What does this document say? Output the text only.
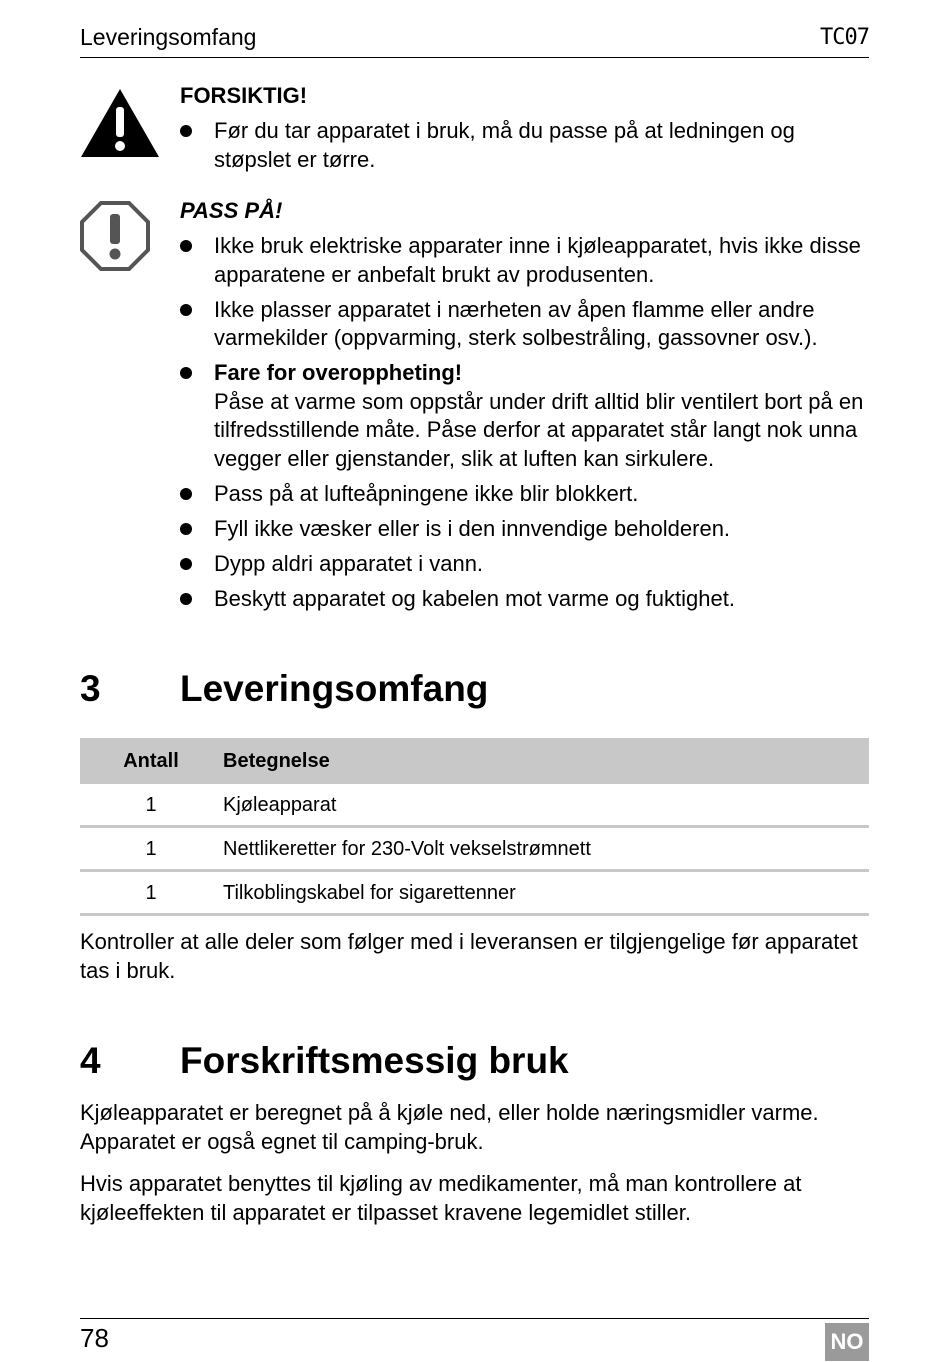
Leveringsomfang	TC07
FORSIKTIG!
Før du tar apparatet i bruk, må du passe på at ledningen og støpslet er tørre.
PASS PÅ!
Ikke bruk elektriske apparater inne i kjøleapparatet, hvis ikke disse apparatene er anbefalt brukt av produsenten.
Ikke plasser apparatet i nærheten av åpen flamme eller andre varmekilder (oppvarming, sterk solbestråling, gassovner osv.).
Fare for overoppheting!
Påse at varme som oppstår under drift alltid blir ventilert bort på en tilfredsstillende måte. Påse derfor at apparatet står langt nok unna vegger eller gjenstander, slik at luften kan sirkulere.
Pass på at lufteåpningene ikke blir blokkert.
Fyll ikke væsker eller is i den innvendige beholderen.
Dypp aldri apparatet i vann.
Beskytt apparatet og kabelen mot varme og fuktighet.
3 Leveringsomfang
Antall	Betegnelse
1	Kjøleapparat
1	Nettlikeretter for 230-Volt vekselstrømnett
1	Tilkoblingskabel for sigarettenner

Kontroller at alle deler som følger med i leveransen er tilgjengelige før apparatet tas i bruk.

4 Forskriftsmessig bruk

Kjøleapparatet er beregnet på å kjøle ned, eller holde næringsmidler varme. Apparatet er også egnet til camping-bruk.

Hvis apparatet benyttes til kjøling av medikamenter, må man kontrollere at kjøleeffekten til apparatet er tilpasset kravene legemidlet stiller.

78	NO
